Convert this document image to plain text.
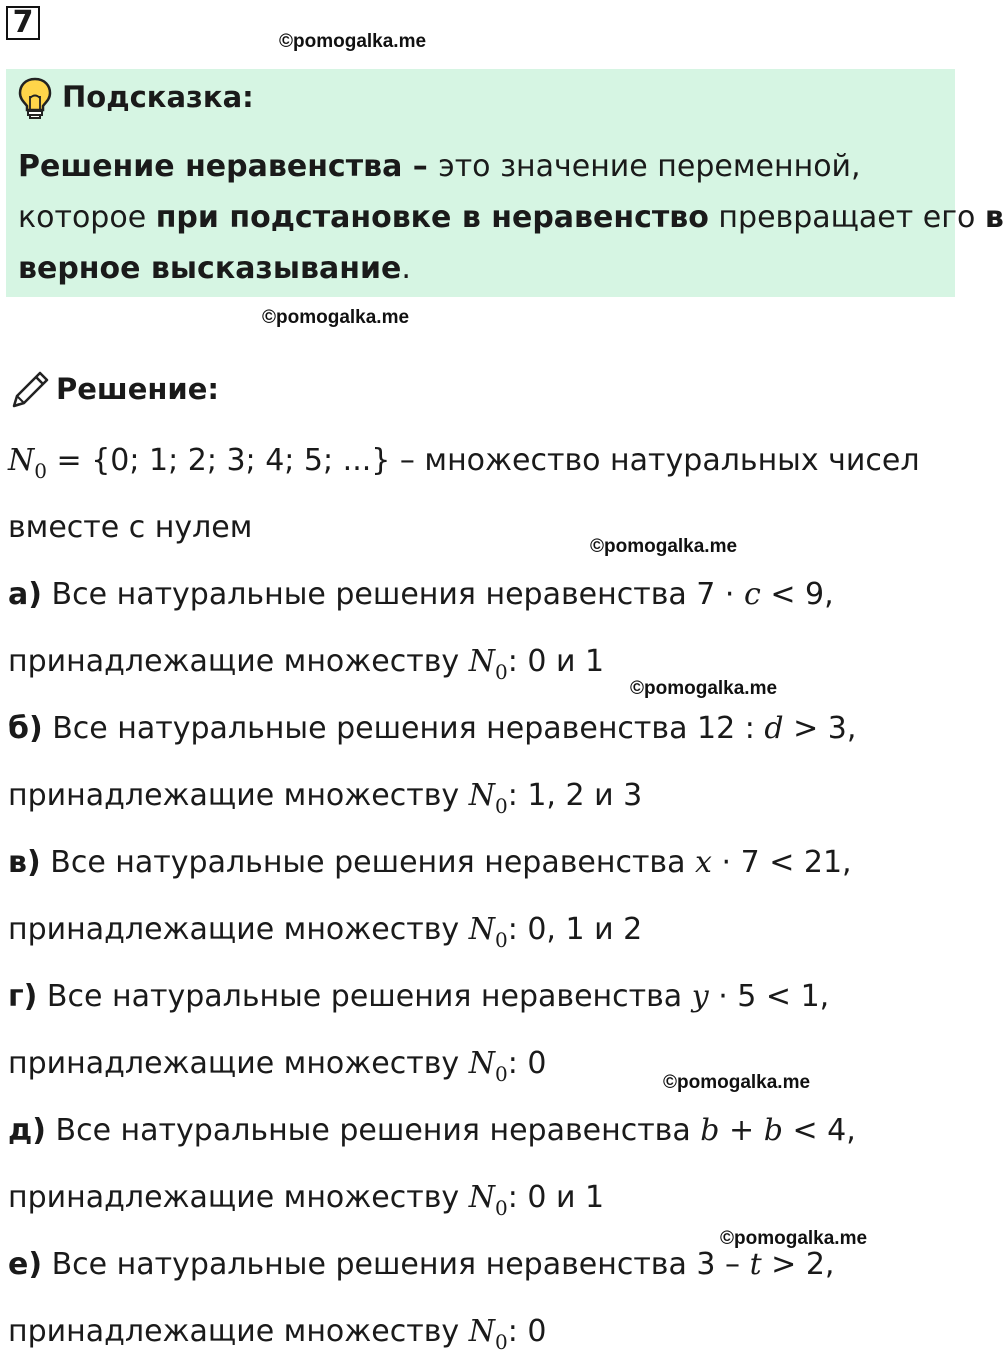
7
©pomogalka.me
Подсказка:
Решение неравенства – это значение переменной,
которое при подстановке в неравенство превращает его в
верное высказывание.
©pomogalka.me
Решение:
$N_0 = \{0$; 1; 2; 3; 4; 5; ...} – множество натуральных чисел
вместе с нулем
©pomogalka.me
а) Все натуральные решения неравенства 7 · c < 9,
принадлежащие множеству $N_0$: 0 и 1
©pomogalka.me
б) Все натуральные решения неравенства 12 : d > 3,
принадлежащие множеству $N_0$: 1, 2 и 3
в) Все натуральные решения неравенства x · 7 < 21,
принадлежащие множеству $N_0$: 0, 1 и 2
г) Все натуральные решения неравенства y · 5 < 1,
принадлежащие множеству $N_0$: 0
©pomogalka.me
д) Все натуральные решения неравенства b + b < 4,
принадлежащие множеству $N_0$: 0 и 1
©pomogalka.me
е) Все натуральные решения неравенства 3 – t > 2,
принадлежащие множеству $N_0$: 0
